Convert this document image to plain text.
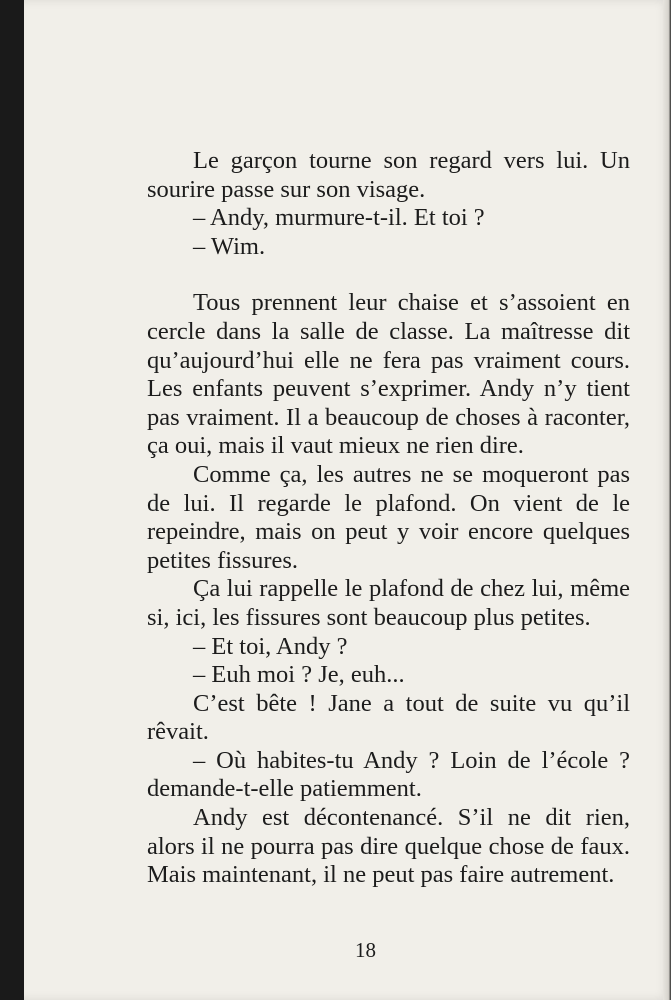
Le garçon tourne son regard vers lui. Un sourire passe sur son visage.

– Andy, murmure-t-il. Et toi ?

– Wim.

Tous prennent leur chaise et s’assoient en cercle dans la salle de classe. La maîtresse dit qu’aujourd’hui elle ne fera pas vraiment cours. Les enfants peuvent s’exprimer. Andy n’y tient pas vraiment. Il a beaucoup de choses à raconter, ça oui, mais il vaut mieux ne rien dire.

Comme ça, les autres ne se moqueront pas de lui. Il regarde le plafond. On vient de le repeindre, mais on peut y voir encore quelques petites fissures.

Ça lui rappelle le plafond de chez lui, même si, ici, les fissures sont beaucoup plus petites.

– Et toi, Andy ?

– Euh moi ? Je, euh...

C’est bête ! Jane a tout de suite vu qu’il rêvait.

– Où habites-tu Andy ? Loin de l’école ? demande-t-elle patiemment.

Andy est décontenancé. S’il ne dit rien, alors il ne pourra pas dire quelque chose de faux. Mais maintenant, il ne peut pas faire autrement.

18
